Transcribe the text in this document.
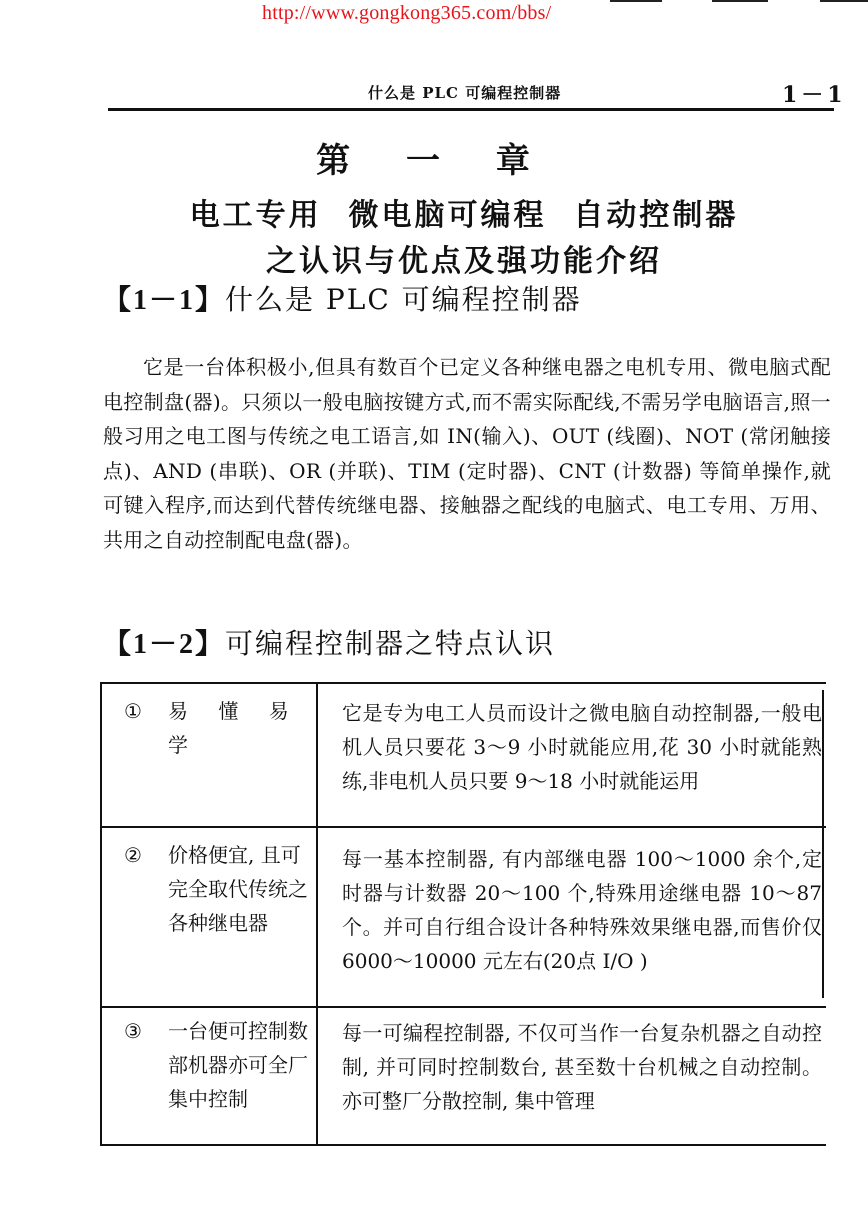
http://www.gongkong365.com/bbs/
什么是 PLC 可编程控制器	1－1
第 一 章
电工专用  微电脑可编程  自动控制器
之认识与优点及强功能介绍
【1－1】什么是 PLC 可编程控制器
它是一台体积极小,但具有数百个已定义各种继电器之电机专用、微电脑式配电控制盘(器)。只须以一般电脑按键方式,而不需实际配线,不需另学电脑语言,照一般习用之电工图与传统之电工语言,如 IN(输入)、OUT (线圈)、NOT (常闭触接点)、AND (串联)、OR (并联)、TIM (定时器)、CNT (计数器) 等简单操作,就可键入程序,而达到代替传统继电器、接触器之配线的电脑式、电工专用、万用、共用之自动控制配电盘(器)。
【1－2】可编程控制器之特点认识
① 易 懂 易 学
它是专为电工人员而设计之微电脑自动控制器,一般电机人员只要花 3～9 小时就能应用,花 30 小时就能熟练,非电机人员只要 9～18 小时就能运用
② 价格便宜, 且可完全取代传统之各种继电器
每一基本控制器, 有内部继电器 100～1000 余个,定时器与计数器 20～100 个,特殊用途继电器 10～87 个。并可自行组合设计各种特殊效果继电器,而售价仅 6000～10000 元左右(20点 I/O )
③ 一台便可控制数部机器亦可全厂集中控制
每一可编程控制器, 不仅可当作一台复杂机器之自动控制, 并可同时控制数台, 甚至数十台机械之自动控制。亦可整厂分散控制, 集中管理
